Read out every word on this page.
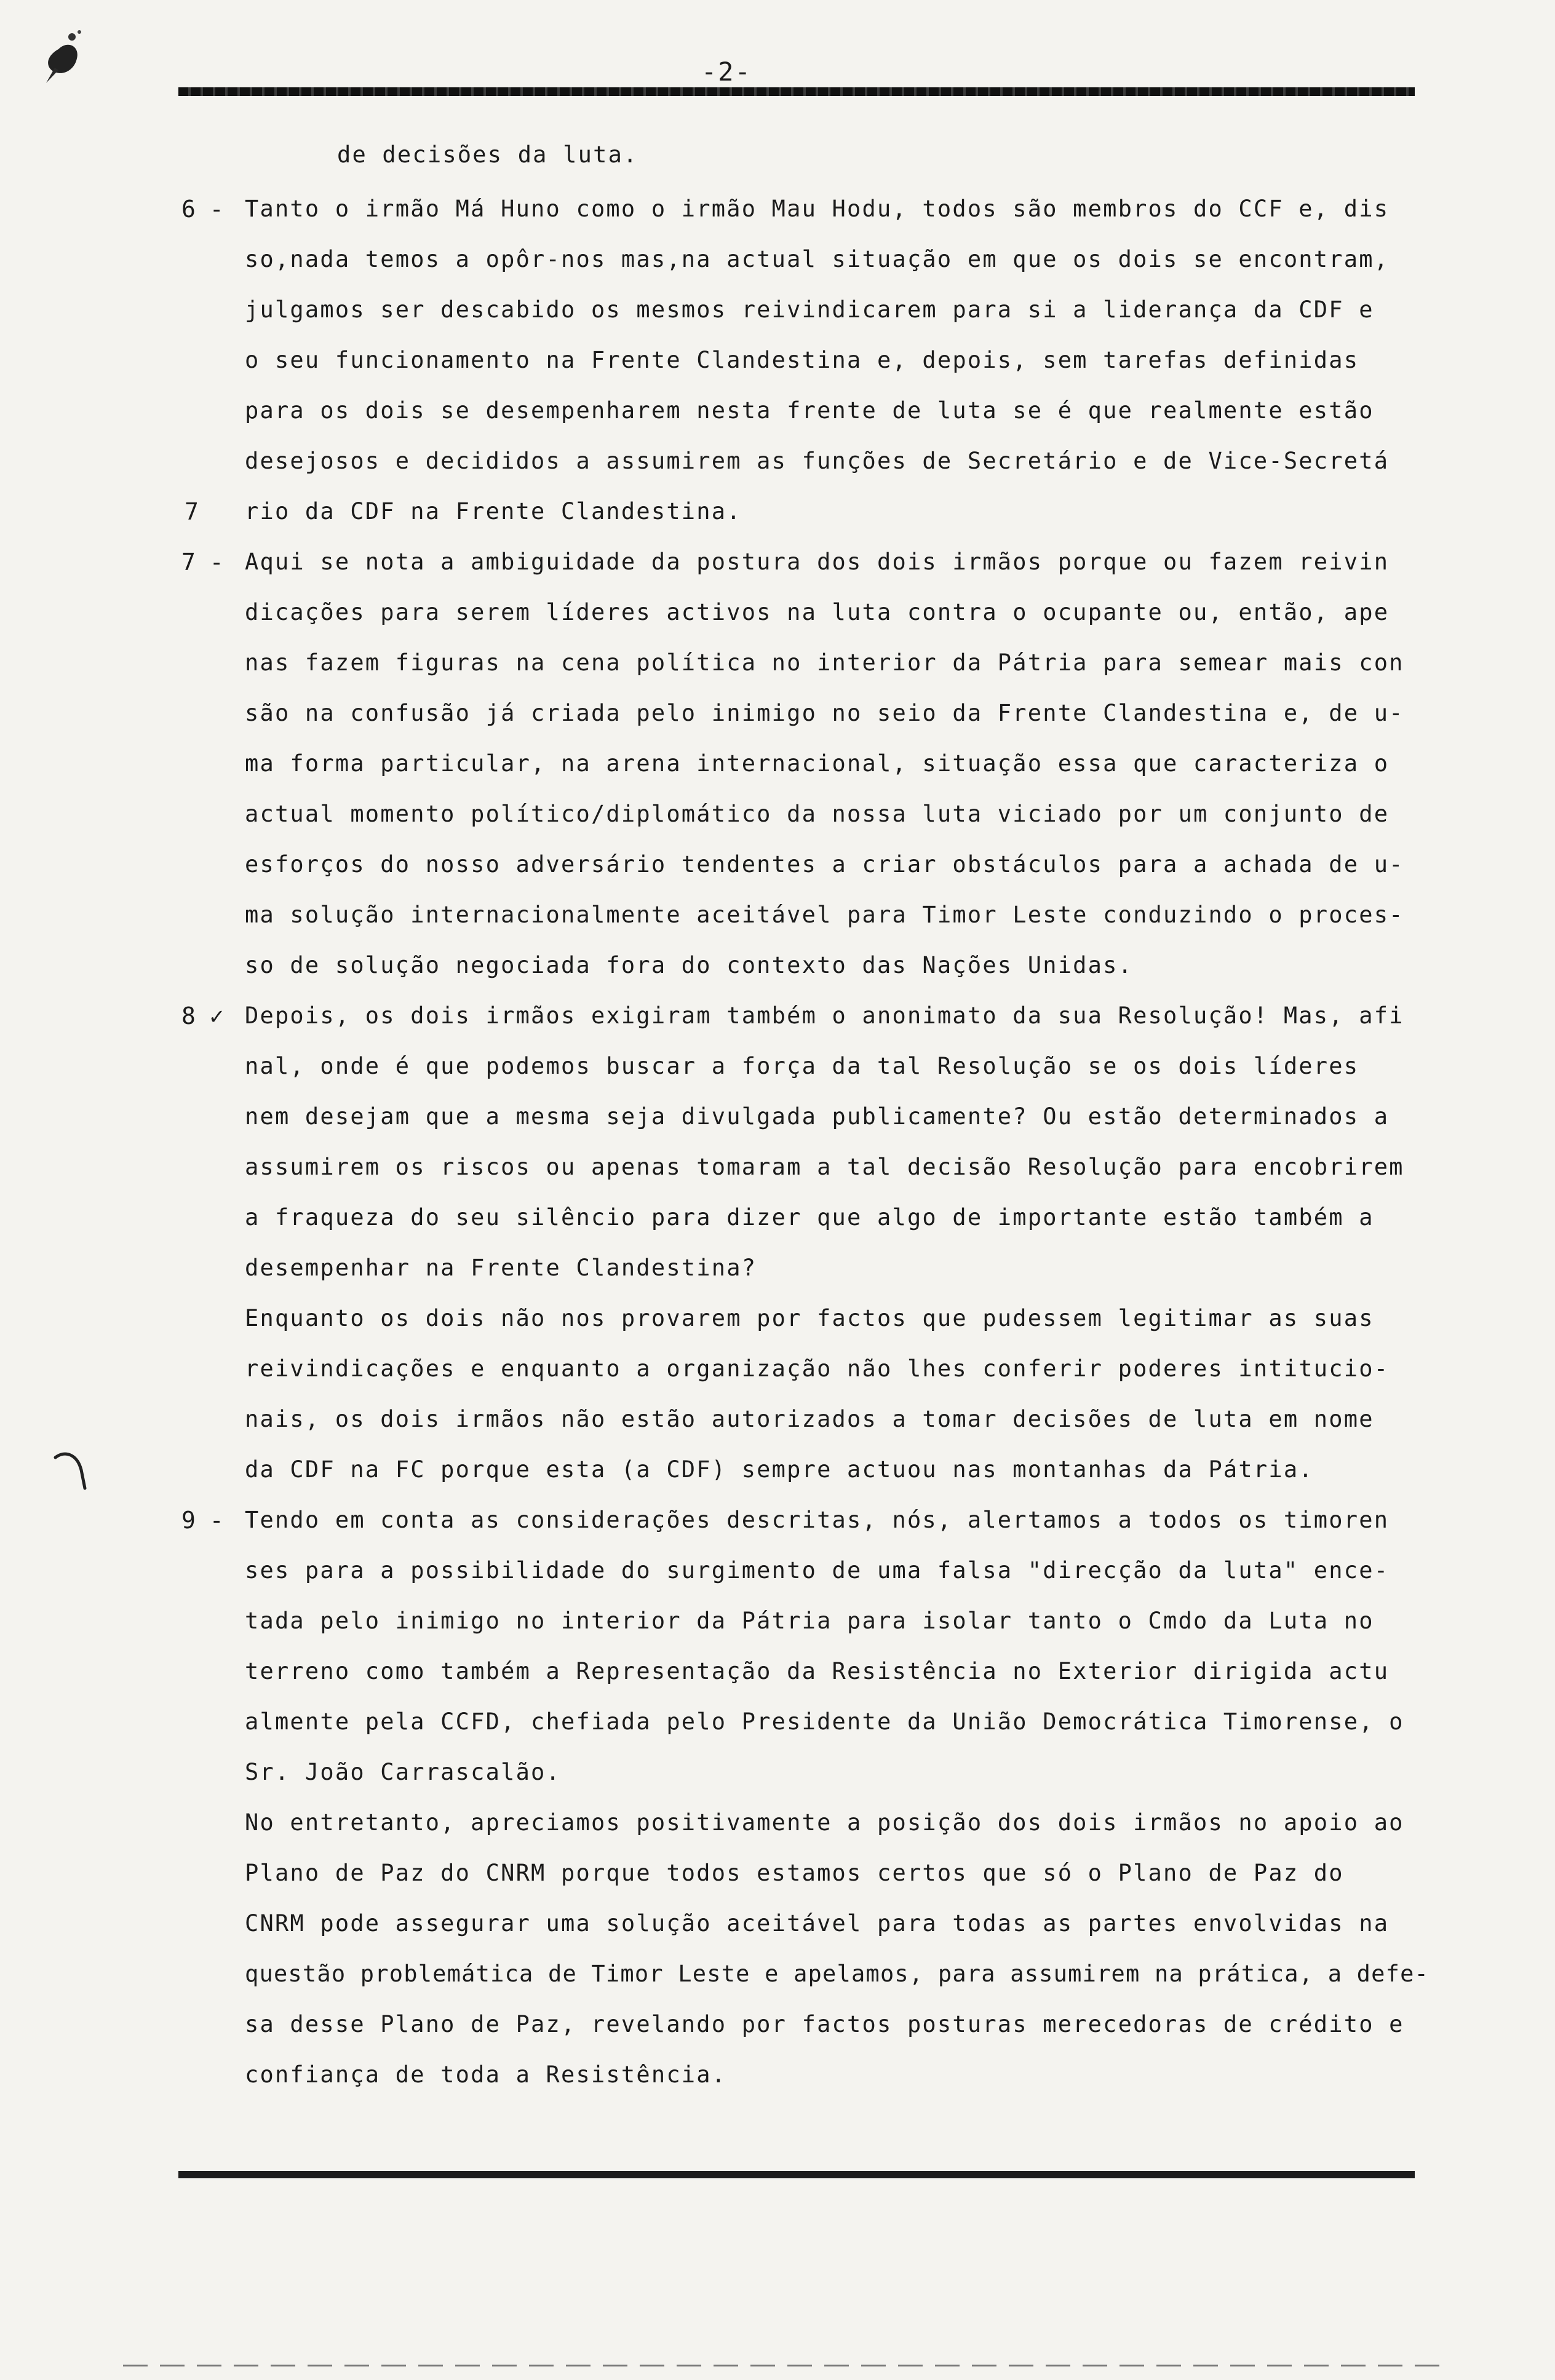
-2-
de decisões da luta.
6 - Tanto o irmão Má Huno como o irmão Mau Hodu, todos são membros do CCF e, dis
so,nada temos a opôr-nos mas,na actual situação em que os dois se encontram,
julgamos ser descabido os mesmos reivindicarem para si a liderança da CDF e
o seu funcionamento na Frente Clandestina e, depois, sem tarefas definidas
para os dois se desempenharem nesta frente de luta se é que realmente estão
desejosos e decididos a assumirem as funções de Secretário e de Vice-Secretá
7 rio da CDF na Frente Clandestina.
7 - Aqui se nota a ambiguidade da postura dos dois irmãos porque ou fazem reivin
dicações para serem líderes activos na luta contra o ocupante ou, então, ape
nas fazem figuras na cena política no interior da Pátria para semear mais con
são na confusão já criada pelo inimigo no seio da Frente Clandestina e, de u-
ma forma particular, na arena internacional, situação essa que caracteriza o
actual momento político/diplomático da nossa luta viciado por um conjunto de
esforços do nosso adversário tendentes a criar obstáculos para a achada de u-
ma solução internacionalmente aceitável para Timor Leste conduzindo o proces-
so de solução negociada fora do contexto das Nações Unidas.
8 ✓ Depois, os dois irmãos exigiram também o anonimato da sua Resolução! Mas, afi
nal, onde é que podemos buscar a força da tal Resolução se os dois líderes
nem desejam que a mesma seja divulgada publicamente? Ou estão determinados a
assumirem os riscos ou apenas tomaram a tal decisão Resolução para encobrirem
a fraqueza do seu silêncio para dizer que algo de importante estão também a
desempenhar na Frente Clandestina?
Enquanto os dois não nos provarem por factos que pudessem legitimar as suas
reivindicações e enquanto a organização não lhes conferir poderes intitucio-
nais, os dois irmãos não estão autorizados a tomar decisões de luta em nome
da CDF na FC porque esta (a CDF) sempre actuou nas montanhas da Pátria.
9 - Tendo em conta as considerações descritas, nós, alertamos a todos os timoren
ses para a possibilidade do surgimento de uma falsa "direcção da luta" ence-
tada pelo inimigo no interior da Pátria para isolar tanto o Cmdo da Luta no
terreno como também a Representação da Resistência no Exterior dirigida actu
almente pela CCFD, chefiada pelo Presidente da União Democrática Timorense, o
Sr. João Carrascalão.
No entretanto, apreciamos positivamente a posição dos dois irmãos no apoio ao
Plano de Paz do CNRM porque todos estamos certos que só o Plano de Paz do
CNRM pode assegurar uma solução aceitável para todas as partes envolvidas na
questão problemática de Timor Leste e apelamos, para assumirem na prática, a defe-
sa desse Plano de Paz, revelando por factos posturas merecedoras de crédito e
confiança de toda a Resistência.
